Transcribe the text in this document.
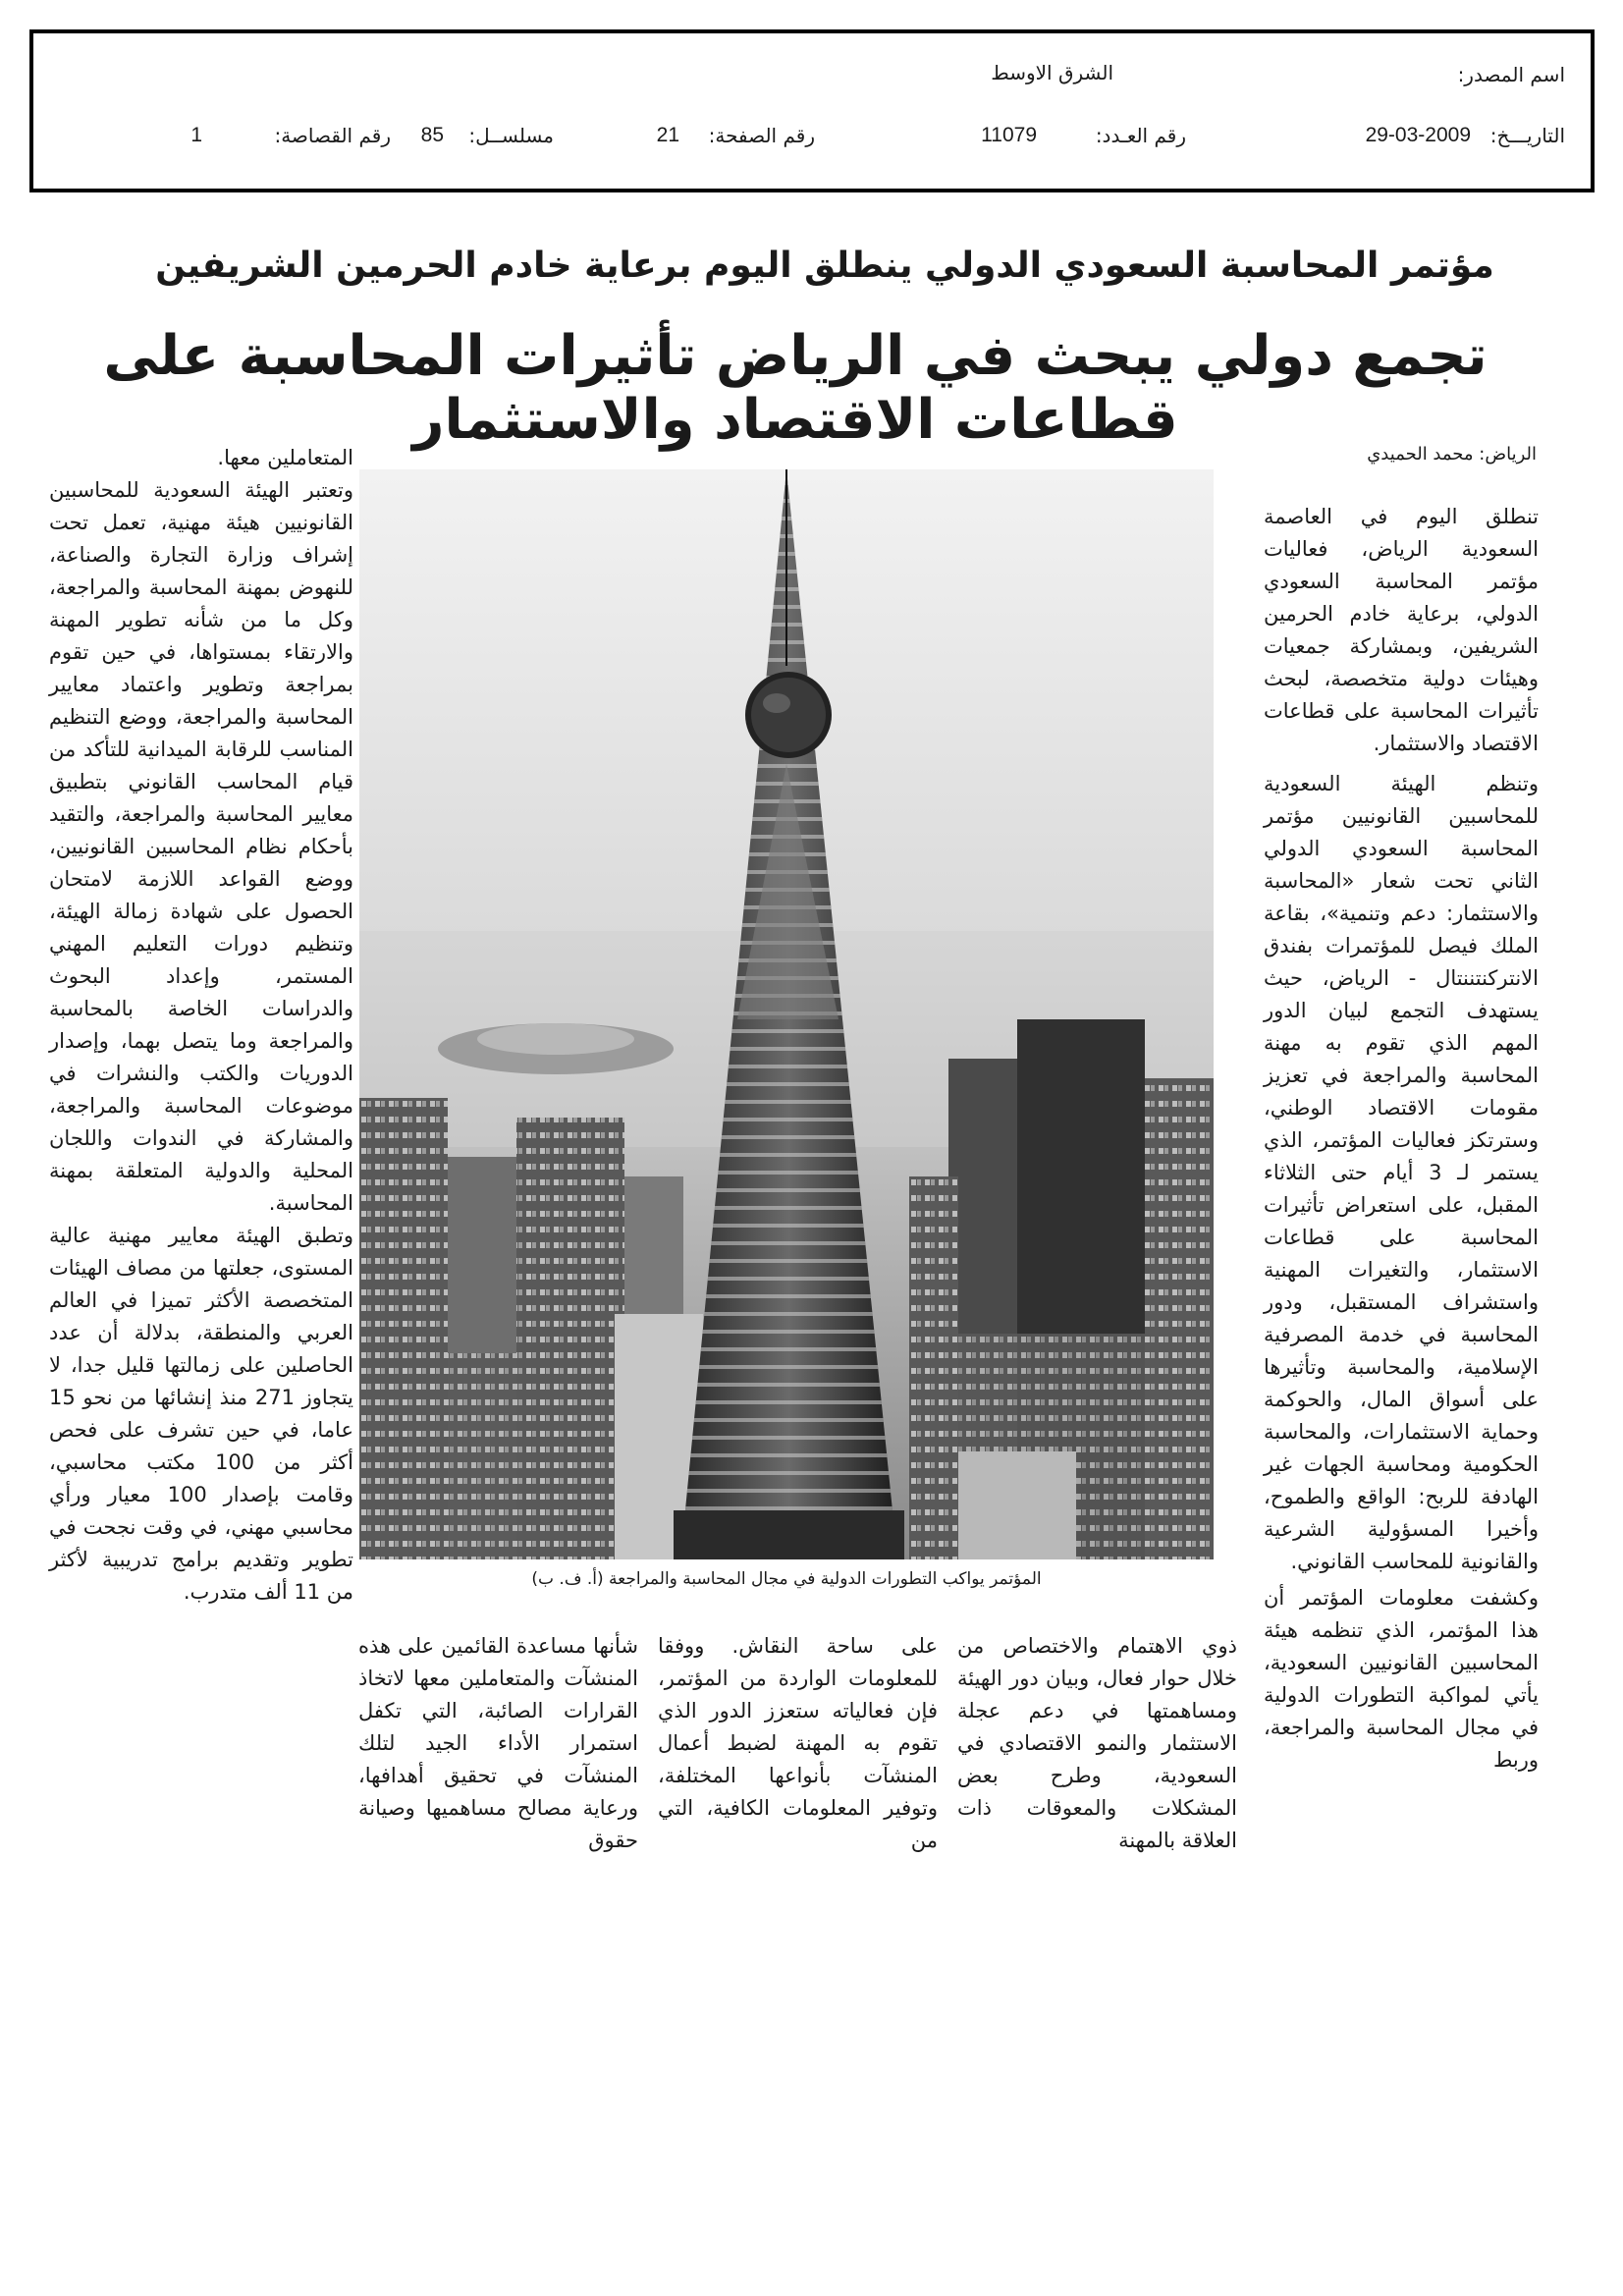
اسم المصدر:
الشرق الاوسط
التاريـــخ:
29-03-2009
رقم العـدد:
11079
رقم الصفحة:
21
مسلســل:
85
رقم القصاصة:
1
مؤتمر المحاسبة السعودي الدولي ينطلق اليوم برعاية خادم الحرمين الشريفين
تجمع دولي يبحث في الرياض تأثيرات المحاسبة على قطاعات الاقتصاد والاستثمار
الرياض: محمد الحميدي

تنطلق اليوم في العاصمة السعودية الرياض، فعاليات مؤتمر المحاسبة السعودي الدولي، برعاية خادم الحرمين الشريفين، وبمشاركة جمعيات وهيئات دولية متخصصة، لبحث تأثيرات المحاسبة على قطاعات الاقتصاد والاستثمار.

وتنظم الهيئة السعودية للمحاسبين القانونيين مؤتمر المحاسبة السعودي الدولي الثاني تحت شعار «المحاسبة والاستثمار: دعم وتنمية»، بقاعة الملك فيصل للمؤتمرات بفندق الانتركنتننتال - الرياض، حيث يستهدف التجمع لبيان الدور المهم الذي تقوم به مهنة المحاسبة والمراجعة في تعزيز مقومات الاقتصاد الوطني، وسترتكز فعاليات المؤتمر، الذي يستمر لـ 3 أيام حتى الثلاثاء المقبل، على استعراض تأثيرات المحاسبة على قطاعات الاستثمار، والتغيرات المهنية واستشراف المستقبل، ودور المحاسبة في خدمة المصرفية الإسلامية، والمحاسبة وتأثيرها على أسواق المال، والحوكمة وحماية الاستثمارات، والمحاسبة الحكومية ومحاسبة الجهات غير الهادفة للربح: الواقع والطموح، وأخيرا المسؤولية الشرعية والقانونية للمحاسب القانوني.

وكشفت معلومات المؤتمر أن هذا المؤتمر، الذي تنظمه هيئة المحاسبين القانونيين السعودية، يأتي لمواكبة التطورات الدولية في مجال المحاسبة والمراجعة، وربط

المتعاملين معها.

وتعتبر الهيئة السعودية للمحاسبين القانونيين هيئة مهنية، تعمل تحت إشراف وزارة التجارة والصناعة، للنهوض بمهنة المحاسبة والمراجعة، وكل ما من شأنه تطوير المهنة والارتقاء بمستواها، في حين تقوم بمراجعة وتطوير واعتماد معايير المحاسبة والمراجعة، ووضع التنظيم المناسب للرقابة الميدانية للتأكد من قيام المحاسب القانوني بتطبيق معايير المحاسبة والمراجعة، والتقيد بأحكام نظام المحاسبين القانونيين، ووضع القواعد اللازمة لامتحان الحصول على شهادة زمالة الهيئة، وتنظيم دورات التعليم المهني المستمر، وإعداد البحوث والدراسات الخاصة بالمحاسبة والمراجعة وما يتصل بهما، وإصدار الدوريات والكتب والنشرات في موضوعات المحاسبة والمراجعة، والمشاركة في الندوات واللجان المحلية والدولية المتعلقة بمهنة المحاسبة.

وتطبق الهيئة معايير مهنية عالية المستوى، جعلتها من مصاف الهيئات المتخصصة الأكثر تميزا في العالم العربي والمنطقة، بدلالة أن عدد الحاصلين على زمالتها قليل جدا، لا يتجاوز 271 منذ إنشائها من نحو 15 عاما، في حين تشرف على فحص أكثر من 100 مكتب محاسبي، وقامت بإصدار 100 معيار ورأي محاسبي مهني، في وقت نجحت في تطوير وتقديم برامج تدريبية لأكثر من 11 ألف متدرب.

المؤتمر يواكب التطورات الدولية في مجال المحاسبة والمراجعة (أ. ف. ب)

ذوي الاهتمام والاختصاص من خلال حوار فعال، وبيان دور الهيئة ومساهمتها في دعم عجلة الاستثمار والنمو الاقتصادي في السعودية، وطرح بعض المشكلات والمعوقات ذات العلاقة بالمهنة

على ساحة النقاش. ووفقا للمعلومات الواردة من المؤتمر، فإن فعالياته ستعزز الدور الذي تقوم به المهنة لضبط أعمال المنشآت بأنواعها المختلفة، وتوفير المعلومات الكافية، التي من

شأنها مساعدة القائمين على هذه المنشآت والمتعاملين معها لاتخاذ القرارات الصائبة، التي تكفل استمرار الأداء الجيد لتلك المنشآت في تحقيق أهدافها، ورعاية مصالح مساهميها وصيانة حقوق
